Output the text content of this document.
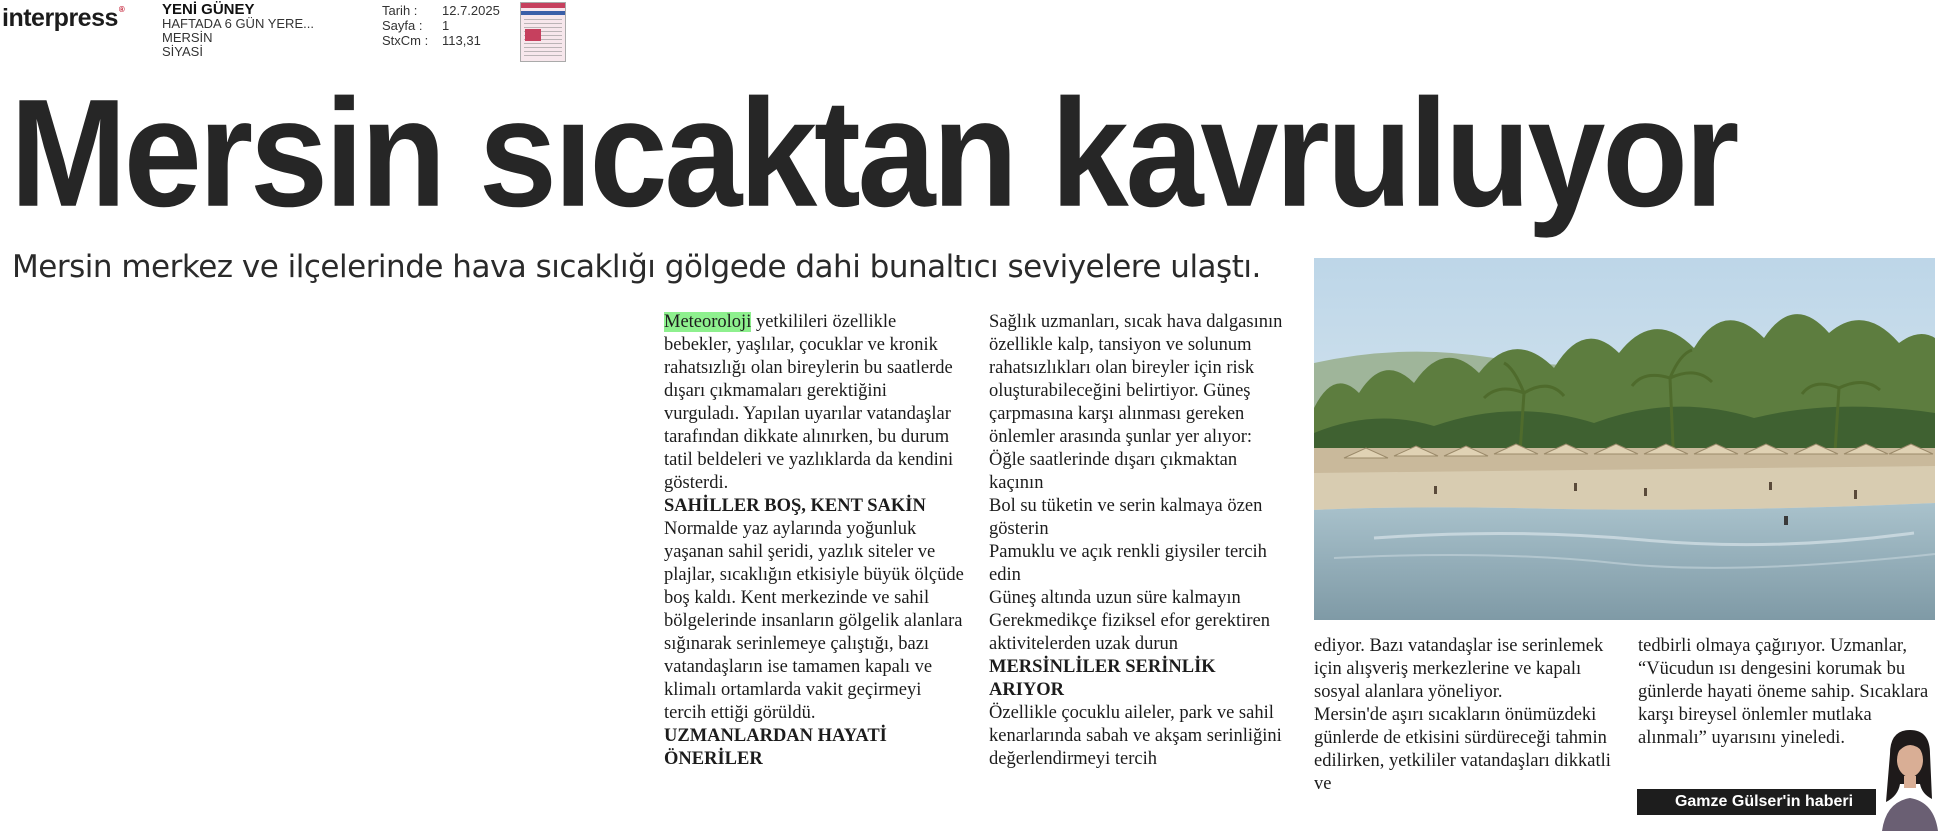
interpress®	YENİ GÜNEY
HAFTADA 6 GÜN YERE...
MERSİN
SİYASİ
Tarih :	12.7.2025
Sayfa :	1
StxCm :	113,31
Mersin sıcaktan kavruluyor
Mersin merkez ve ilçelerinde hava sıcaklığı gölgede dahi bunaltıcı seviyelere ulaştı.

Meteoroloji yetkilileri özellikle bebekler, yaşlılar, çocuklar ve kronik rahatsızlığı olan bireylerin bu saatlerde dışarı çıkmamaları gerektiğini vurguladı. Yapılan uyarılar vatandaşlar tarafından dikkate alınırken, bu durum tatil beldeleri ve yazlıklarda da kendini gösterdi.

SAHİLLER BOŞ, KENT SAKİN

Normalde yaz aylarında yoğunluk yaşanan sahil şeridi, yazlık siteler ve plajlar, sıcaklığın etkisiyle büyük ölçüde boş kaldı. Kent merkezinde ve sahil bölgelerinde insanların gölgelik alanlara sığınarak serinlemeye çalıştığı, bazı vatandaşların ise tamamen kapalı ve klimalı ortamlarda vakit geçirmeyi tercih ettiği görüldü.

UZMANLARDAN HAYATİ ÖNERİLER

Sağlık uzmanları, sıcak hava dalgasının özellikle kalp, tansiyon ve solunum rahatsızlıkları olan bireyler için risk oluşturabileceğini belirtiyor. Güneş çarpmasına karşı alınması gereken önlemler arasında şunlar yer alıyor:

Öğle saatlerinde dışarı çıkmaktan kaçının

Bol su tüketin ve serin kalmaya özen gösterin

Pamuklu ve açık renkli giysiler tercih edin

Güneş altında uzun süre kalmayın

Gerekmedikçe fiziksel efor gerektiren aktivitelerden uzak durun

MERSİNLİLER SERİNLİK ARIYOR

Özellikle çocuklu aileler, park ve sahil kenarlarında sabah ve akşam serinliğini değerlendirmeyi tercih

ediyor. Bazı vatandaşlar ise serinlemek için alışveriş merkezlerine ve kapalı sosyal alanlara yöneliyor.

Mersin'de aşırı sıcakların önümüzdeki günlerde de etkisini sürdüreceği tahmin edilirken, yetkililer vatandaşları dikkatli ve

tedbirli olmaya çağırıyor. Uzmanlar, “Vücudun ısı dengesini korumak bu günlerde hayati öneme sahip. Sıcaklara karşı bireysel önlemler mutlaka alınmalı” uyarısını yineledi.

Gamze Gülser'in haberi
